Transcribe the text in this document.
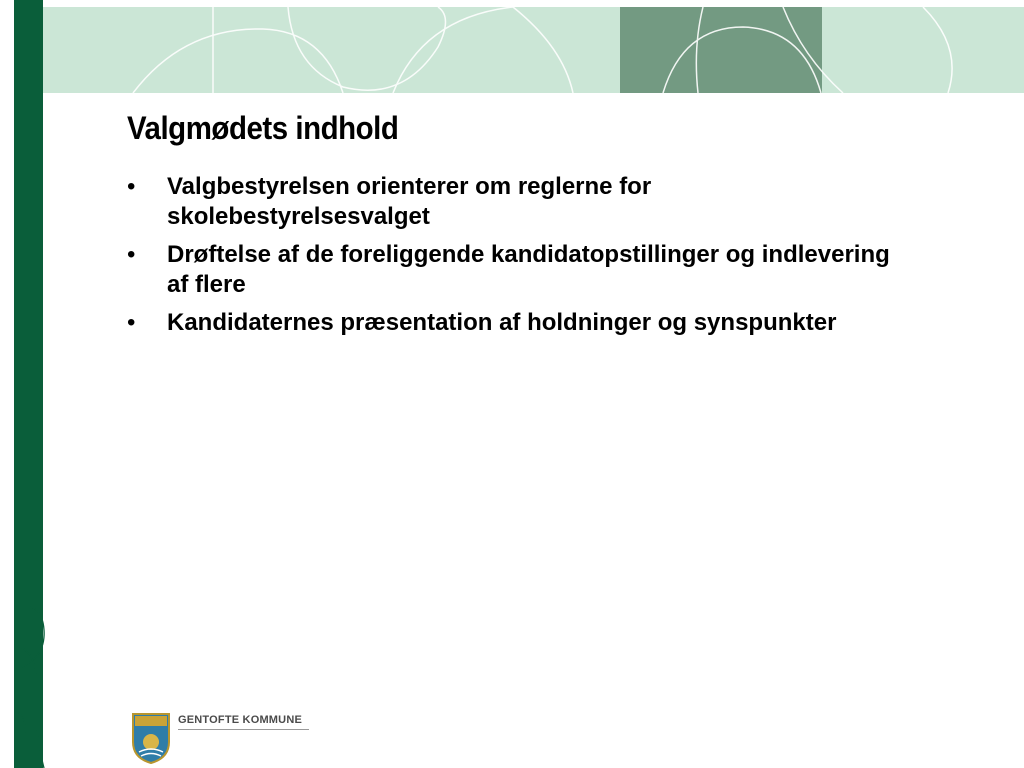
Valgmødets indhold
• Valgbestyrelsen orienterer om reglerne for skolebestyrelsesvalget
• Drøftelse af de foreliggende kandidatopstillinger og indlevering af flere
• Kandidaternes præsentation af holdninger og synspunkter
GENTOFTE KOMMUNE
